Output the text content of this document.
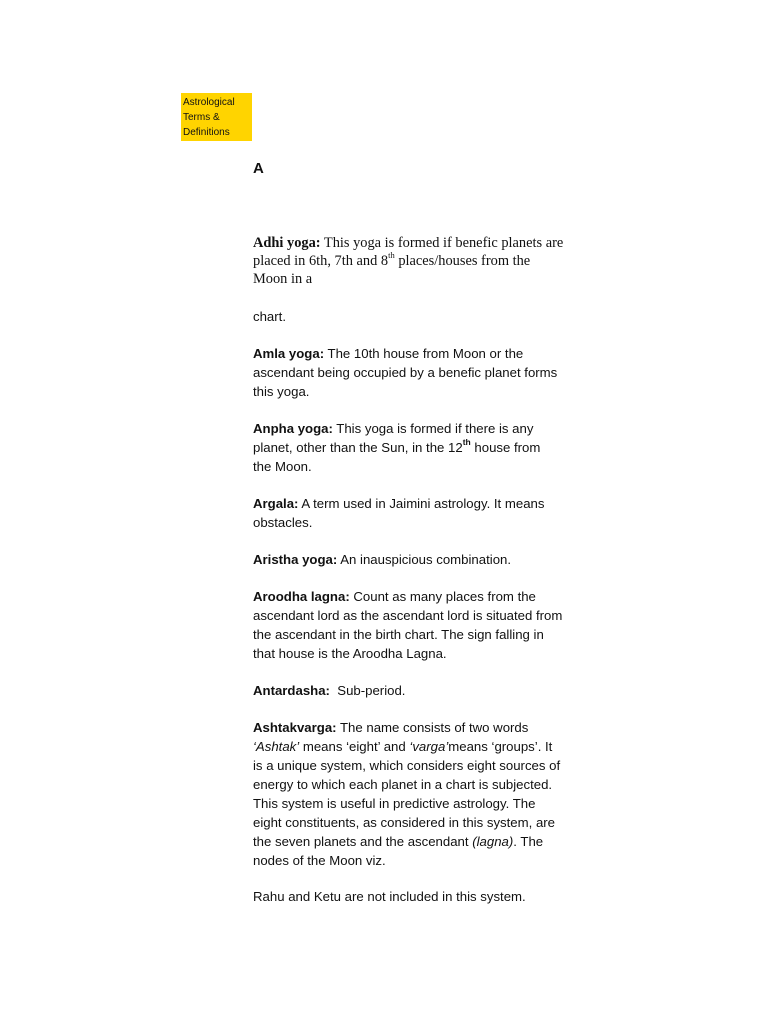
Astrological
Terms &
Definitions
A
Adhi yoga: This yoga is formed if benefic planets are
placed in 6th, 7th and 8th places/houses from the
Moon in a
chart.
Amla yoga: The 10th house from Moon or the
ascendant being occupied by a benefic planet forms
this yoga.
Anpha yoga: This yoga is formed if there is any
planet, other than the Sun, in the 12th house from
the Moon.
Argala: A term used in Jaimini astrology. It means
obstacles.
Aristha yoga: An inauspicious combination.
Aroodha lagna: Count as many places from the
ascendant lord as the ascendant lord is situated from
the ascendant in the birth chart. The sign falling in
that house is the Aroodha Lagna.
Antardasha:  Sub-period.
Ashtakvarga: The name consists of two words
‘Ashtak’ means ‘eight’ and ‘varga’means ‘groups’. It
is a unique system, which considers eight sources of
energy to which each planet in a chart is subjected.
This system is useful in predictive astrology. The
eight constituents, as considered in this system, are
the seven planets and the ascendant (lagna). The
nodes of the Moon viz.
Rahu and Ketu are not included in this system.
